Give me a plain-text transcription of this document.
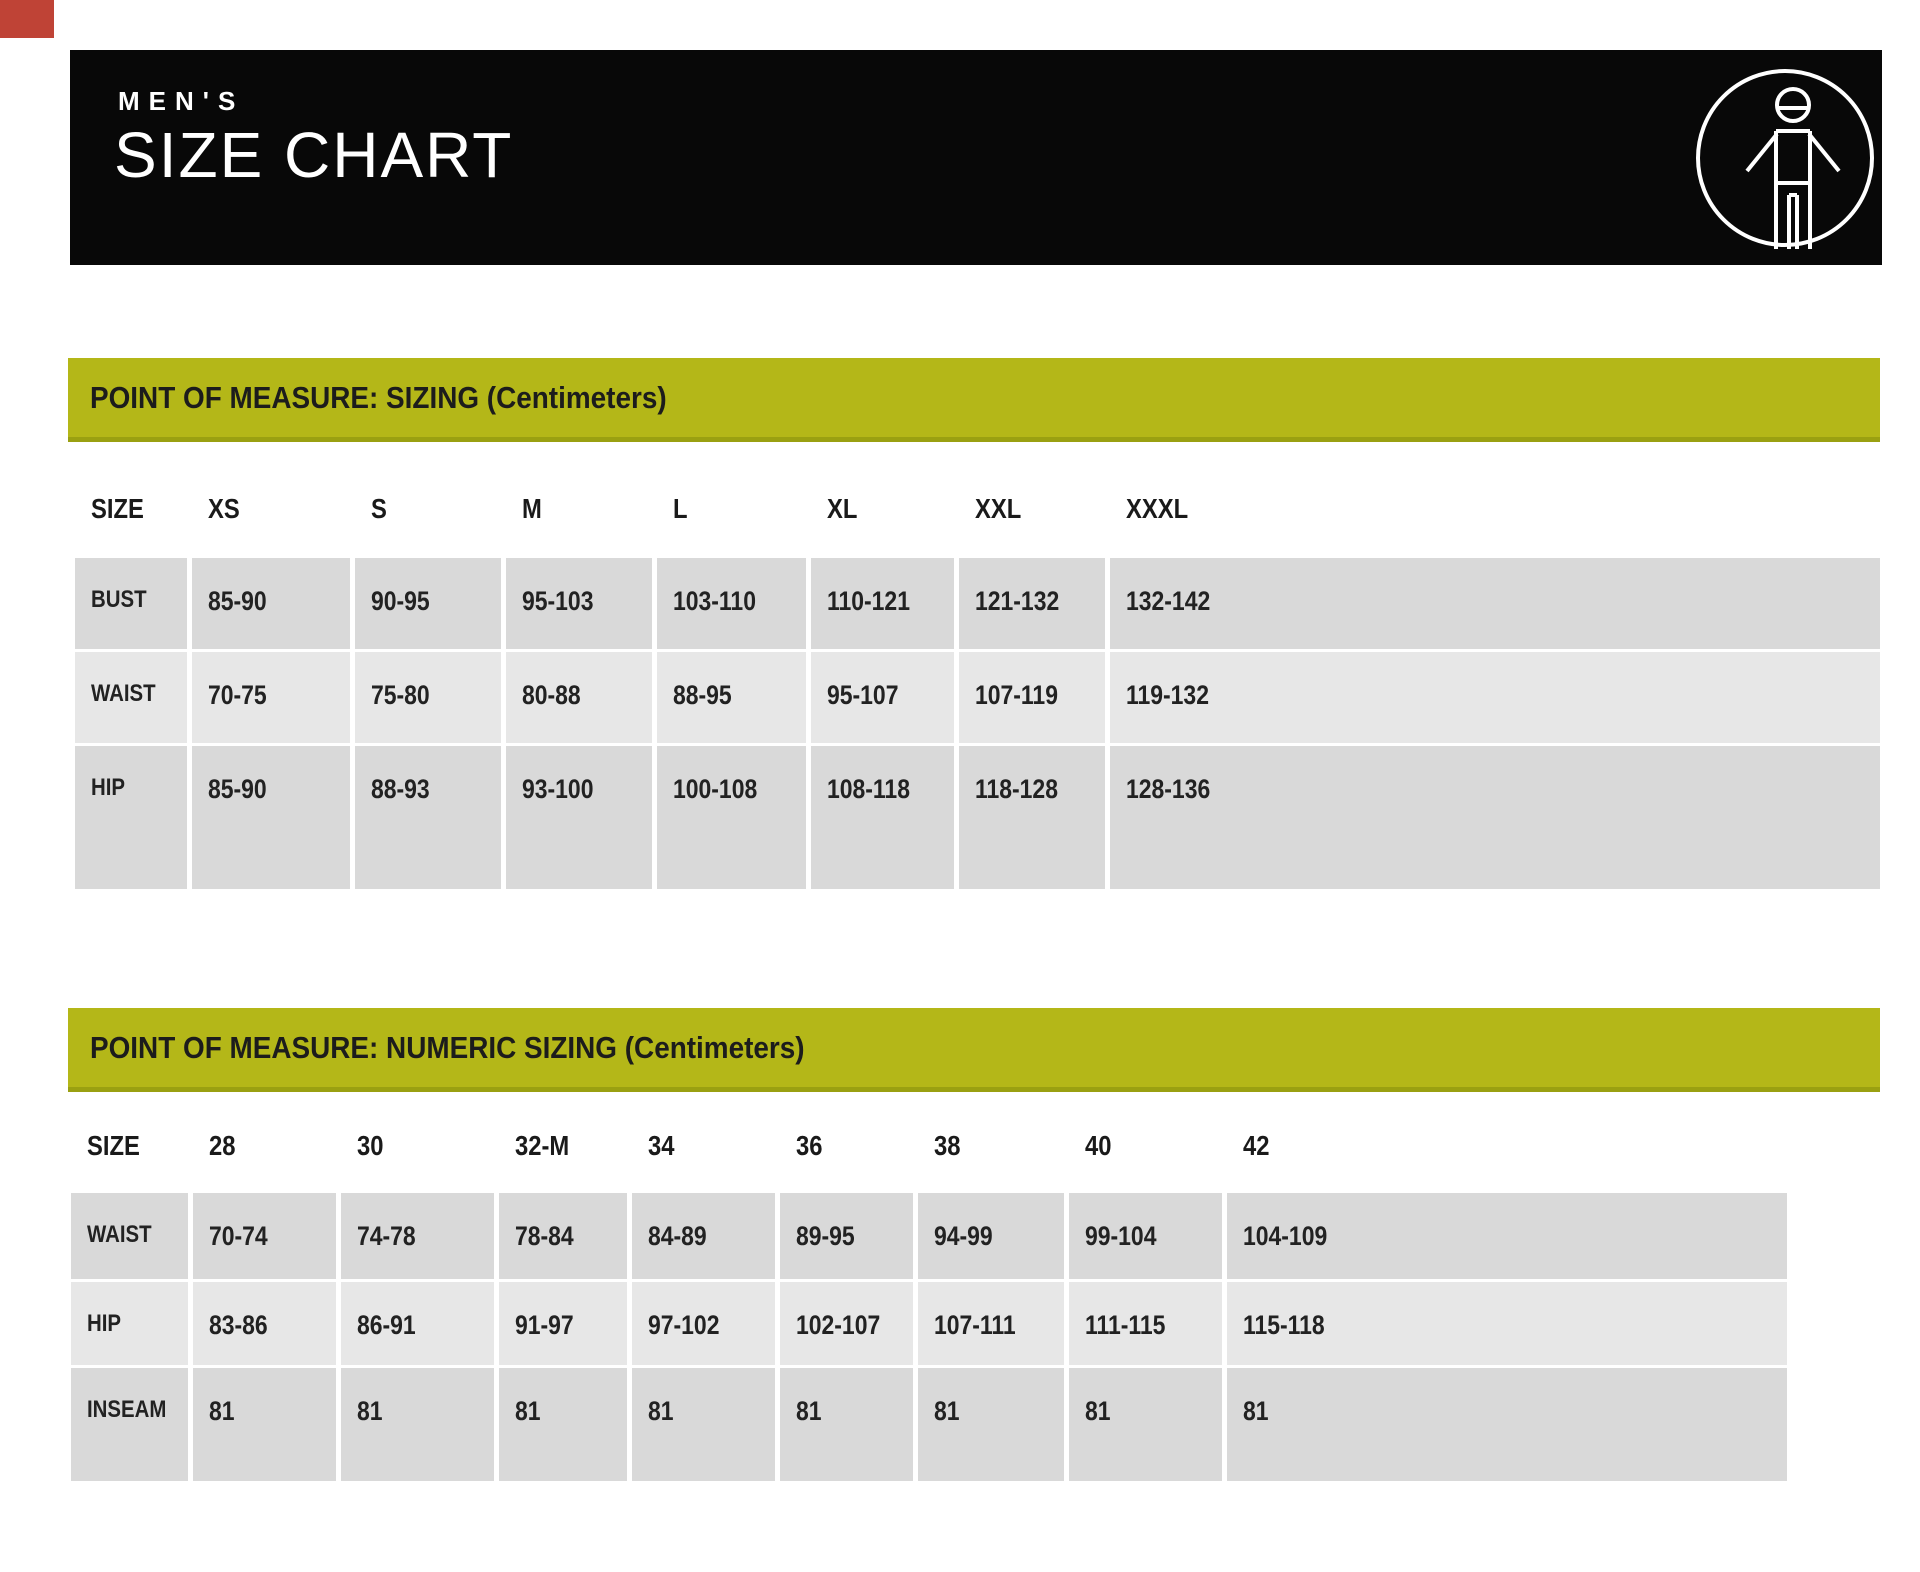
MEN'S
SIZE CHART
POINT OF MEASURE: SIZING (Centimeters)
SIZE XS	S	M	L	XL	XXL	XXXL
BUST 85-90	90-95	95-103	103-110	110-121 121-132 132-142
WAIST 70-75	75-80	80-88	88-95	95-107	107-119	119-132
HIP	85-90	88-93	93-100	100-108	108-118 118-128	128-136
POINT OF MEASURE: NUMERIC SIZING (Centimeters)
SIZE 28	30	32-M	34	36	38	40	42
WAIST 70-74	74-78	78-84	84-89	89-95	94-99	99-104	104-109
HIP	83-86	86-91	91-97	97-102	102-107 107-111	111-115	115-118
INSEAM 81	81	81	81	81	81	81	81
